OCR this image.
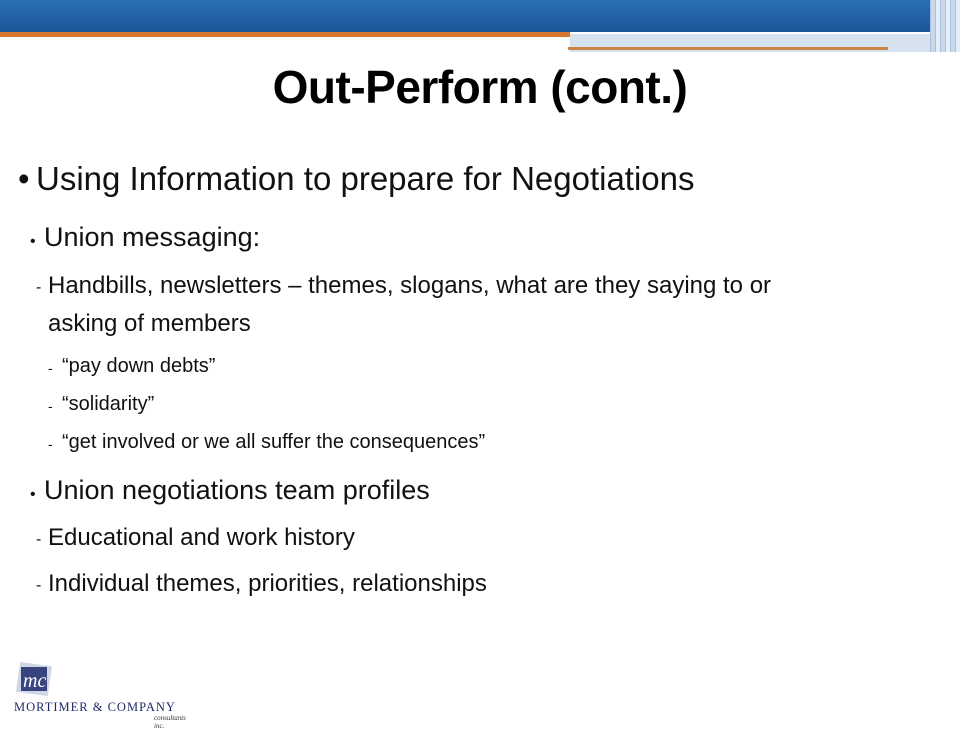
Out-Perform (cont.)
• Using Information to prepare for Negotiations
• Union messaging:
- Handbills, newsletters – themes, slogans, what are they saying to or
asking of members
- “pay down debts”
- “solidarity”
- “get involved or we all suffer the consequences”
• Union negotiations team profiles
- Educational and work history
- Individual themes, priorities, relationships
mc
MORTIMER & COMPANY
consultants inc.
